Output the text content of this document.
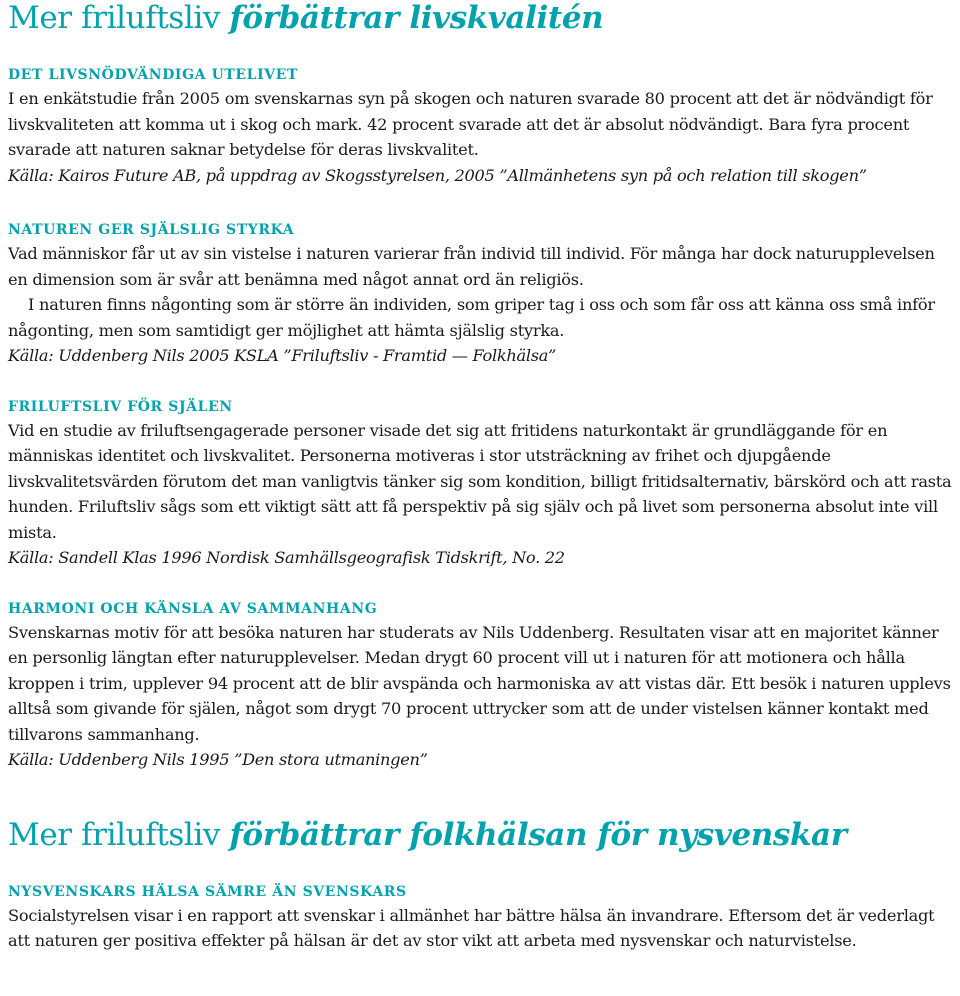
Mer friluftsliv förbättrar livskvalitén
DET LIVSNÖDVÄNDIGA UTELIVET

I en enkätstudie från 2005 om svenskarnas syn på skogen och naturen svarade 80 procent att det är nödvändigt för livskvaliteten att komma ut i skog och mark. 42 procent svarade att det är absolut nödvändigt. Bara fyra procent svarade att naturen saknar betydelse för deras livskvalitet.

Källa: Kairos Future AB, på uppdrag av Skogsstyrelsen, 2005 ”Allmänhetens syn på och relation till skogen”

NATUREN GER SJÄLSLIG STYRKA

Vad människor får ut av sin vistelse i naturen varierar från individ till individ. För många har dock naturupplevelsen en dimension som är svår att benämna med något annat ord än religiös.

I naturen finns någonting som är större än individen, som griper tag i oss och som får oss att känna oss små inför någonting, men som samtidigt ger möjlighet att hämta själslig styrka.

Källa: Uddenberg Nils 2005 KSLA ”Friluftsliv - Framtid — Folkhälsa”

FRILUFTSLIV FÖR SJÄLEN

Vid en studie av friluftsengagerade personer visade det sig att fritidens naturkontakt är grundläggande för en människas identitet och livskvalitet. Personerna motiveras i stor utsträckning av frihet och djupgående livskvalitetsvärden förutom det man vanligtvis tänker sig som kondition, billigt fritidsalternativ, bärskörd och att rasta hunden. Friluftsliv sågs som ett viktigt sätt att få perspektiv på sig själv och på livet som personerna absolut inte vill mista.

Källa: Sandell Klas 1996 Nordisk Samhällsgeografisk Tidskrift, No. 22

HARMONI OCH KÄNSLA AV SAMMANHANG

Svenskarnas motiv för att besöka naturen har studerats av Nils Uddenberg. Resultaten visar att en majoritet känner en personlig längtan efter naturupplevelser. Medan drygt 60 procent vill ut i naturen för att motionera och hålla kroppen i trim, upplever 94 procent att de blir avspända och harmoniska av att vistas där. Ett besök i naturen upplevs alltså som givande för själen, något som drygt 70 procent uttrycker som att de under vistelsen känner kontakt med tillvarons sammanhang.

Källa: Uddenberg Nils 1995 ”Den stora utmaningen”

Mer friluftsliv förbättrar folkhälsan för nysvenskar
NYSVENSKARS HÄLSA SÄMRE ÄN SVENSKARS

Socialstyrelsen visar i en rapport att svenskar i allmänhet har bättre hälsa än invandrare. Eftersom det är vederlagt att naturen ger positiva effekter på hälsan är det av stor vikt att arbeta med nysvenskar och naturvistelse.
